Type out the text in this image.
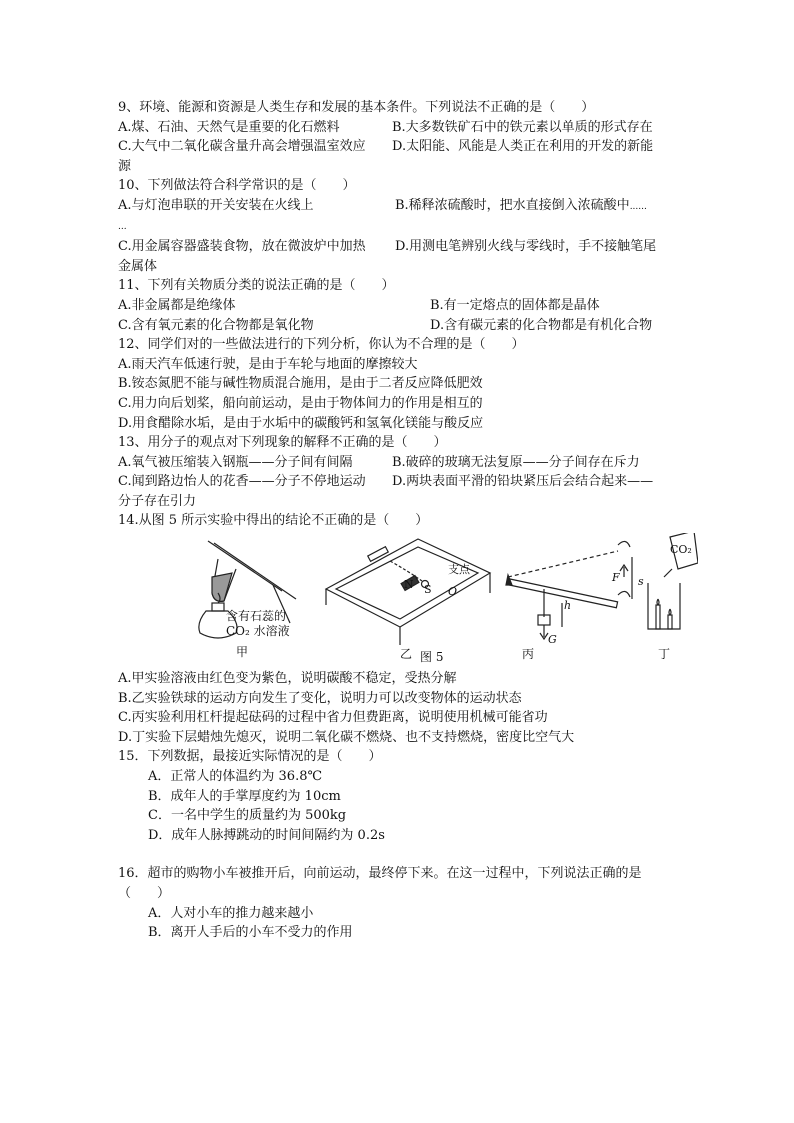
9、环境、能源和资源是人类生存和发展的基本条件。下列说法不正确的是（　　）
A.煤、石油、天然气是重要的化石燃料	B.大多数铁矿石中的铁元素以单质的形式存在
C.大气中二氧化碳含量升高会增强温室效应	D.太阳能、风能是人类正在利用的开发的新能
源
10、下列做法符合科学常识的是（　　）
A.与灯泡串联的开关安装在火线上	B.稀释浓硫酸时，把水直接倒入浓硫酸中......
...
C.用金属容器盛装食物，放在微波炉中加热	D.用测电笔辨别火线与零线时，手不接触笔尾
金属体
11、下列有关物质分类的说法正确的是（　　）
A.非金属都是绝缘体	B.有一定熔点的固体都是晶体
C.含有氧元素的化合物都是氧化物	D.含有碳元素的化合物都是有机化合物
12、同学们对的一些做法进行的下列分析，你认为不合理的是（　　）
A.雨天汽车低速行驶，是由于车轮与地面的摩擦较大
B.铵态氮肥不能与碱性物质混合施用，是由于二者反应降低肥效
C.用力向后划桨，船向前运动，是由于物体间力的作用是相互的
D.用食醋除水垢，是由于水垢中的碳酸钙和氢氧化镁能与酸反应
13、用分子的观点对下列现象的解释不正确的是（　　）
A.氧气被压缩装入钢瓶——分子间有间隔	B.破碎的玻璃无法复原——分子间存在斥力
C.闻到路边怡人的花香——分子不停地运动	D.两块表面平滑的铅块紧压后会结合起来——
分子存在引力
14.从图 5 所示实验中得出的结论不正确的是（　　）
含有石蕊的
CO₂ 水溶液
甲
N S
乙 图 5
支点
O
F s
h
G
丙
CO₂
丁
A.甲实验溶液由红色变为紫色，说明碳酸不稳定，受热分解
B.乙实验铁球的运动方向发生了变化，说明力可以改变物体的运动状态
C.丙实验利用杠杆提起砝码的过程中省力但费距离，说明使用机械可能省功
D.丁实验下层蜡烛先熄灭，说明二氧化碳不燃烧、也不支持燃烧，密度比空气大
15．下列数据，最接近实际情况的是（　　）
A．正常人的体温约为 36.8℃
B．成年人的手掌厚度约为 10cm
C．一名中学生的质量约为 500kg
D．成年人脉搏跳动的时间间隔约为 0.2s
16．超市的购物小车被推开后，向前运动，最终停下来。在这一过程中，下列说法正确的是
（　　）
A．人对小车的推力越来越小
B．离开人手后的小车不受力的作用
